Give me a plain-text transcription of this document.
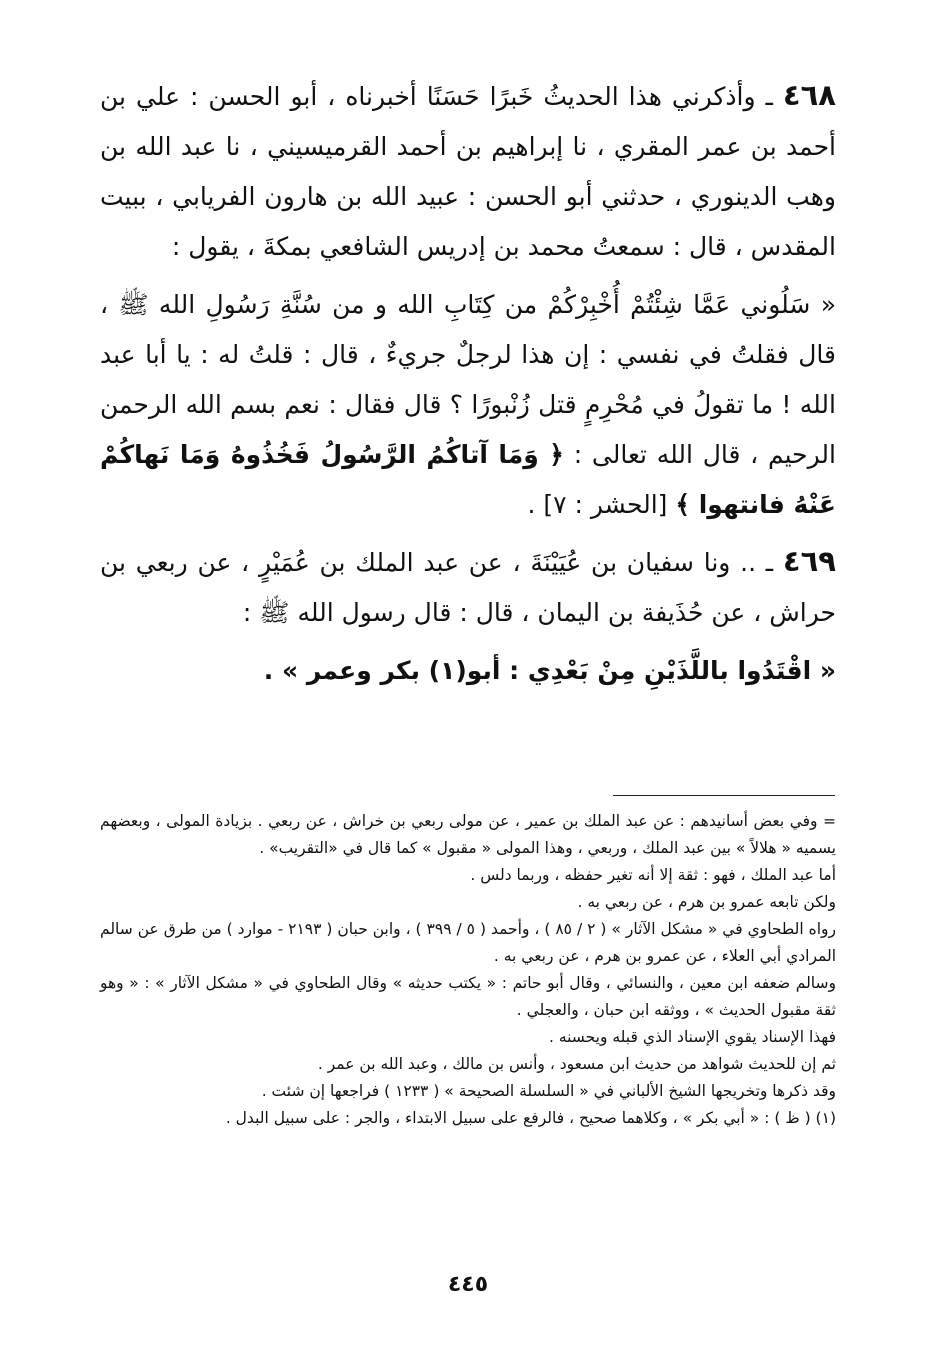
٤٦٨ ـ وأذكرني هذا الحديثُ خَبرًا حَسَنًا أخبرناه ، أبو الحسن : علي بن أحمد بن عمر المقري ، نا إبراهيم بن أحمد القرميسيني ، نا عبد الله بن وهب الدينوري ، حدثني أبو الحسن : عبيد الله بن هارون الفريابي ، ببيت المقدس ، قال : سمعتُ محمد بن إدريس الشافعي بمكةَ ، يقول :

« سَلُوني عَمَّا شِئْتُمْ أُخْبِرْكُمْ من كِتَابِ الله و من سُنَّةِ رَسُولِ الله ﷺ ، قال فقلتُ في نفسي : إن هذا لرجلٌ جريءٌ ، قال : قلتُ له : يا أبا عبد الله ! ما تقولُ في مُحْرِمٍ قتل زُنْبورًا ؟ قال فقال : نعم بسم الله الرحمن الرحيم ، قال الله تعالى : ﴿ وَمَا آتاكُمُ الرَّسُولُ فَخُذُوهُ وَمَا نَهاكُمْ عَنْهُ فانتهوا ﴾ [الحشر : ٧] .

٤٦٩ ـ .. ونا سفيان بن عُيَيْنَةَ ، عن عبد الملك بن عُمَيْرٍ ، عن ربعي بن حراش ، عن حُذَيفة بن اليمان ، قال : قال رسول الله ﷺ :

« اقْتَدُوا باللَّذَيْنِ مِنْ بَعْدِي : أبو(١) بكر وعمر » .

= وفي بعض أسانيدهم : عن عبد الملك بن عمير ، عن مولى ربعي بن خراش ، عن ربعي . بزيادة المولى ، وبعضهم يسميه « هلالاً » بين عبد الملك ، وربعي ، وهذا المولى « مقبول » كما قال في «التقريب» .

أما عبد الملك ، فهو : ثقة إلا أنه تغير حفظه ، وربما دلس .

ولكن تابعه عمرو بن هرم ، عن ربعي به .

رواه الطحاوي في « مشكل الآثار » ( ٢ / ٨٥ ) ، وأحمد ( ٥ / ٣٩٩ ) ، وابن حبان ( ٢١٩٣ - موارد ) من طرق عن سالم المرادي أبي العلاء ، عن عمرو بن هرم ، عن ربعي به .

وسالم ضعفه ابن معين ، والنسائي ، وقال أبو حاتم : « يكتب حديثه » وقال الطحاوي في « مشكل الآثار » : « وهو ثقة مقبول الحديث » ، ووثقه ابن حبان ، والعجلي .

فهذا الإسناد يقوي الإسناد الذي قبله ويحسنه .

ثم إن للحديث شواهد من حديث ابن مسعود ، وأنس بن مالك ، وعبد الله بن عمر .

وقد ذكرها وتخريجها الشيخ الألباني في « السلسلة الصحيحة » ( ١٢٣٣ ) فراجعها إن شئت .

(١) ( ظ ) : « أبي بكر » ، وكلاهما صحيح ، فالرفع على سبيل الابتداء ، والجر : على سبيل البدل .

٤٤٥
